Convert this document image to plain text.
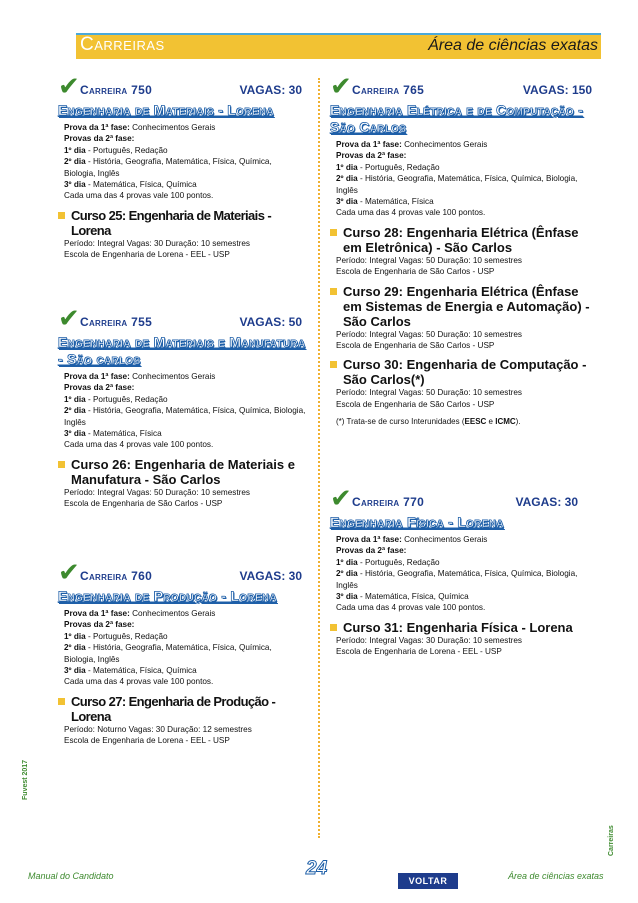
Carreiras	Área de ciências exatas
✔ Carreira 750	VAGAS: 30
Engenharia de Materiais - Lorena
Prova da 1ª fase: Conhecimentos Gerais
Provas da 2ª fase:
1º dia - Português, Redação
2º dia - História, Geografia, Matemática, Física, Química, Biologia, Inglês
3º dia - Matemática, Física, Química
Cada uma das 4 provas vale 100 pontos.
Curso 25: Engenharia de Materiais - Lorena
Período: Integral Vagas: 30 Duração: 10 semestres
Escola de Engenharia de Lorena - EEL - USP
✔ Carreira 755	VAGAS: 50
Engenharia de Materiais e Manufatura - São carlos
Prova da 1ª fase: Conhecimentos Gerais
Provas da 2ª fase:
1º dia - Português, Redação
2º dia - História, Geografia, Matemática, Física, Química, Biologia, Inglês
3º dia - Matemática, Física
Cada uma das 4 provas vale 100 pontos.
Curso 26: Engenharia de Materiais e Manufatura - São Carlos
Período: Integral Vagas: 50 Duração: 10 semestres
Escola de Engenharia de São Carlos - USP
✔ Carreira 760	VAGAS: 30
Engenharia de Produção - Lorena
Prova da 1ª fase: Conhecimentos Gerais
Provas da 2ª fase:
1º dia - Português, Redação
2º dia - História, Geografia, Matemática, Física, Química, Biologia, Inglês
3º dia - Matemática, Física, Química
Cada uma das 4 provas vale 100 pontos.
Curso 27: Engenharia de Produção - Lorena
Período: Noturno Vagas: 30 Duração: 12 semestres
Escola de Engenharia de Lorena - EEL - USP
✔ Carreira 765	VAGAS: 150
Engenharia Elétrica e de Computação - São Carlos
Prova da 1ª fase: Conhecimentos Gerais
Provas da 2ª fase:
1º dia - Português, Redação
2º dia - História, Geografia, Matemática, Física, Química, Biologia, Inglês
3º dia - Matemática, Física
Cada uma das 4 provas vale 100 pontos.
Curso 28: Engenharia Elétrica (Ênfase em Eletrônica) - São Carlos
Período: Integral Vagas: 50 Duração: 10 semestres
Escola de Engenharia de São Carlos - USP
Curso 29: Engenharia Elétrica (Ênfase em Sistemas de Energia e Automação) - São Carlos
Período: Integral Vagas: 50 Duração: 10 semestres
Escola de Engenharia de São Carlos - USP
Curso 30: Engenharia de Computação - São Carlos(*)
Período: Integral Vagas: 50 Duração: 10 semestres
Escola de Engenharia de São Carlos - USP
(*) Trata-se de curso Interunidades (EESC e ICMC).
✔ Carreira 770	VAGAS: 30
Engenharia Física - Lorena
Prova da 1ª fase: Conhecimentos Gerais
Provas da 2ª fase:
1º dia - Português, Redação
2º dia - História, Geografia, Matemática, Física, Química, Biologia, Inglês
3º dia - Matemática, Física, Química
Cada uma das 4 provas vale 100 pontos.
Curso 31: Engenharia Física - Lorena
Período: Integral Vagas: 30 Duração: 10 semestres
Escola de Engenharia de Lorena - EEL - USP
Fuvest 2017
Manual do Candidato	24
VOLTAR	Área de ciências exatas
Carreiras
